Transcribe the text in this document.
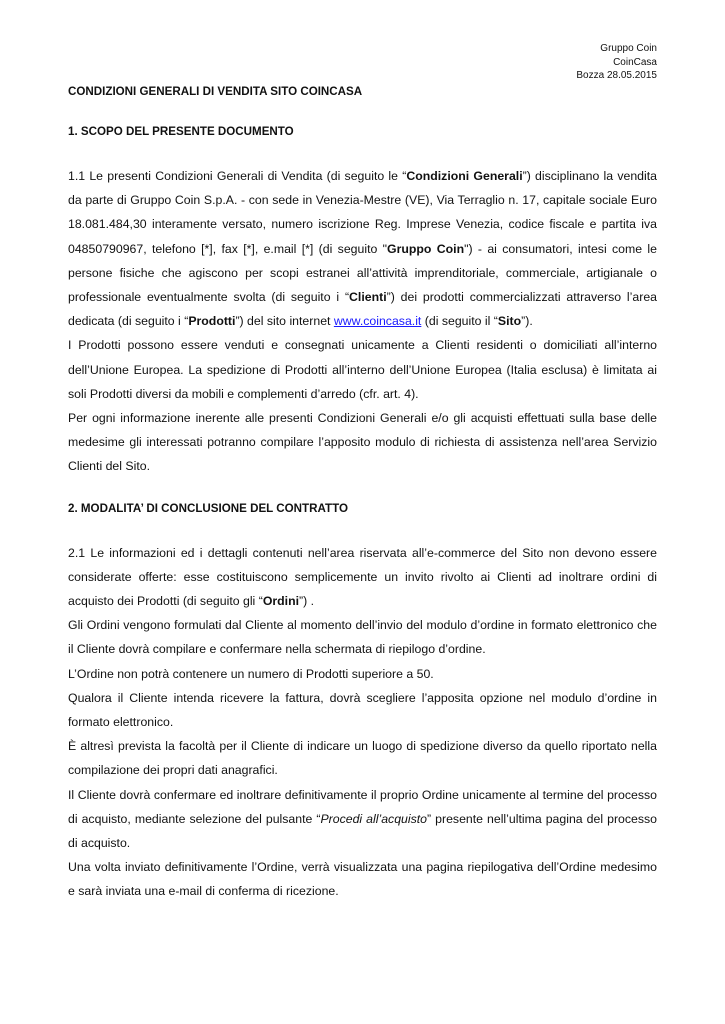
Gruppo Coin
CoinCasa
Bozza 28.05.2015

CONDIZIONI GENERALI DI VENDITA SITO COINCASA

1. SCOPO DEL PRESENTE DOCUMENTO

1.1 Le presenti Condizioni Generali di Vendita (di seguito le “Condizioni Generali”) disciplinano la vendita da parte di Gruppo Coin S.p.A. - con sede in Venezia-Mestre (VE), Via Terraglio n. 17, capitale sociale Euro 18.081.484,30 interamente versato, numero iscrizione Reg. Imprese Venezia, codice fiscale e partita iva 04850790967, telefono [*], fax [*], e.mail [*] (di seguito "Gruppo Coin") - ai consumatori, intesi come le persone fisiche che agiscono per scopi estranei all’attività imprenditoriale, commerciale, artigianale o professionale eventualmente svolta (di seguito i “Clienti”) dei prodotti commercializzati attraverso l’area dedicata (di seguito i “Prodotti”) del sito internet www.coincasa.it (di seguito il “Sito”).

I Prodotti possono essere venduti e consegnati unicamente a Clienti residenti o domiciliati all’interno dell’Unione Europea. La spedizione di Prodotti all’interno dell’Unione Europea (Italia esclusa) è limitata ai soli Prodotti diversi da mobili e complementi d’arredo (cfr. art. 4).

Per ogni informazione inerente alle presenti Condizioni Generali e/o gli acquisti effettuati sulla base delle medesime gli interessati potranno compilare l’apposito modulo di richiesta di assistenza nell’area Servizio Clienti del Sito.

2. MODALITA’ DI CONCLUSIONE DEL CONTRATTO

2.1 Le informazioni ed i dettagli contenuti nell’area riservata all’e-commerce del Sito non devono essere considerate offerte: esse costituiscono semplicemente un invito rivolto ai Clienti ad inoltrare ordini di acquisto dei Prodotti (di seguito gli “Ordini”) .

Gli Ordini vengono formulati dal Cliente al momento dell’invio del modulo d’ordine in formato elettronico che il Cliente dovrà compilare e confermare nella schermata di riepilogo d’ordine.

L’Ordine non potrà contenere un numero di Prodotti superiore a 50.

Qualora il Cliente intenda ricevere la fattura, dovrà scegliere l’apposita opzione nel modulo d’ordine in formato elettronico.

È altresì prevista la facoltà per il Cliente di indicare un luogo di spedizione diverso da quello riportato nella compilazione dei propri dati anagrafici.

Il Cliente dovrà confermare ed inoltrare definitivamente il proprio Ordine unicamente al termine del processo di acquisto, mediante selezione del pulsante “Procedi all’acquisto” presente nell’ultima pagina del processo di acquisto.

Una volta inviato definitivamente l’Ordine, verrà visualizzata una pagina riepilogativa dell’Ordine medesimo e sarà inviata una e-mail di conferma di ricezione.
